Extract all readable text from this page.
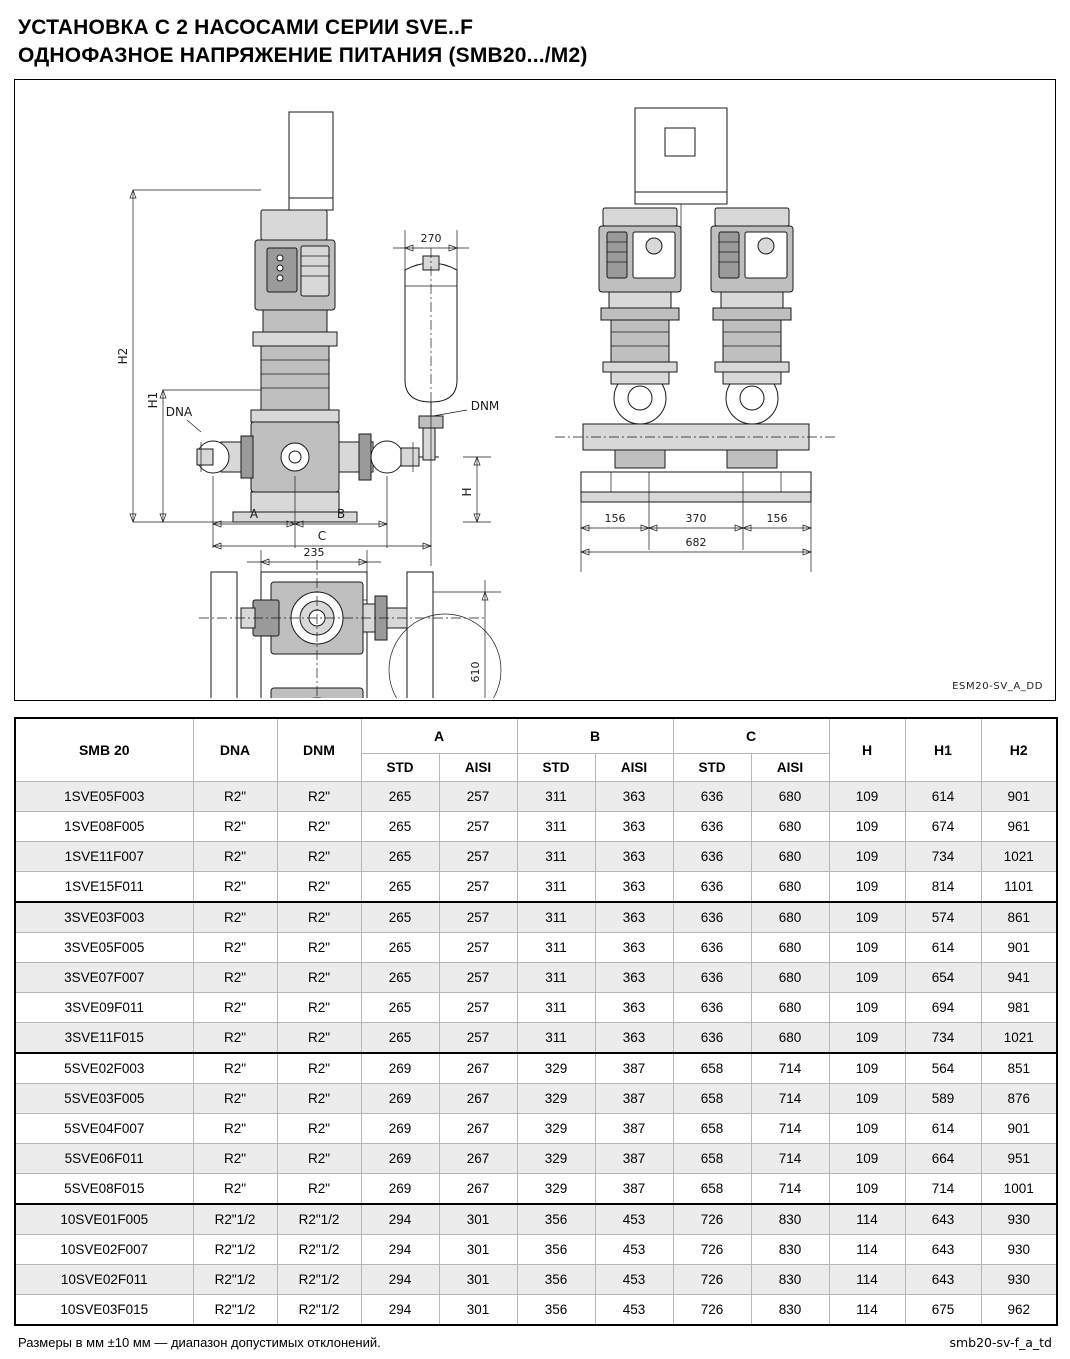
УСТАНОВКА С 2 НАСОСАМИ СЕРИИ SVE..F
ОДНОФАЗНОЕ НАПРЯЖЕНИЕ ПИТАНИЯ (SMB20.../M2)
270
H2
H1
H
DNA	DNM
A	B
C
156	370	156
682
235
610
ESM20-SV_A_DD
SMB 20	DNA	DNM	A		B		C		H	H1	H2
			STD	AISI	STD	AISI	STD	AISI			
1SVE05F003	R2"	R2"	265	257	311	363	636	680	109	614	901
1SVE08F005	R2"	R2"	265	257	311	363	636	680	109	674	961
1SVE11F007	R2"	R2"	265	257	311	363	636	680	109	734	1021
1SVE15F011	R2"	R2"	265	257	311	363	636	680	109	814	1101
3SVE03F003	R2"	R2"	265	257	311	363	636	680	109	574	861
3SVE05F005	R2"	R2"	265	257	311	363	636	680	109	614	901
3SVE07F007	R2"	R2"	265	257	311	363	636	680	109	654	941
3SVE09F011	R2"	R2"	265	257	311	363	636	680	109	694	981
3SVE11F015	R2"	R2"	265	257	311	363	636	680	109	734	1021
5SVE02F003	R2"	R2"	269	267	329	387	658	714	109	564	851
5SVE03F005	R2"	R2"	269	267	329	387	658	714	109	589	876
5SVE04F007	R2"	R2"	269	267	329	387	658	714	109	614	901
5SVE06F011	R2"	R2"	269	267	329	387	658	714	109	664	951
5SVE08F015	R2"	R2"	269	267	329	387	658	714	109	714	1001
10SVE01F005	R2"1/2	R2"1/2	294	301	356	453	726	830	114	643	930
10SVE02F007	R2"1/2	R2"1/2	294	301	356	453	726	830	114	643	930
10SVE02F011	R2"1/2	R2"1/2	294	301	356	453	726	830	114	643	930
10SVE03F015	R2"1/2	R2"1/2	294	301	356	453	726	830	114	675	962
Размеры в мм ±10 мм — диапазон допустимых отклонений.	smb20-sv-f_a_td
